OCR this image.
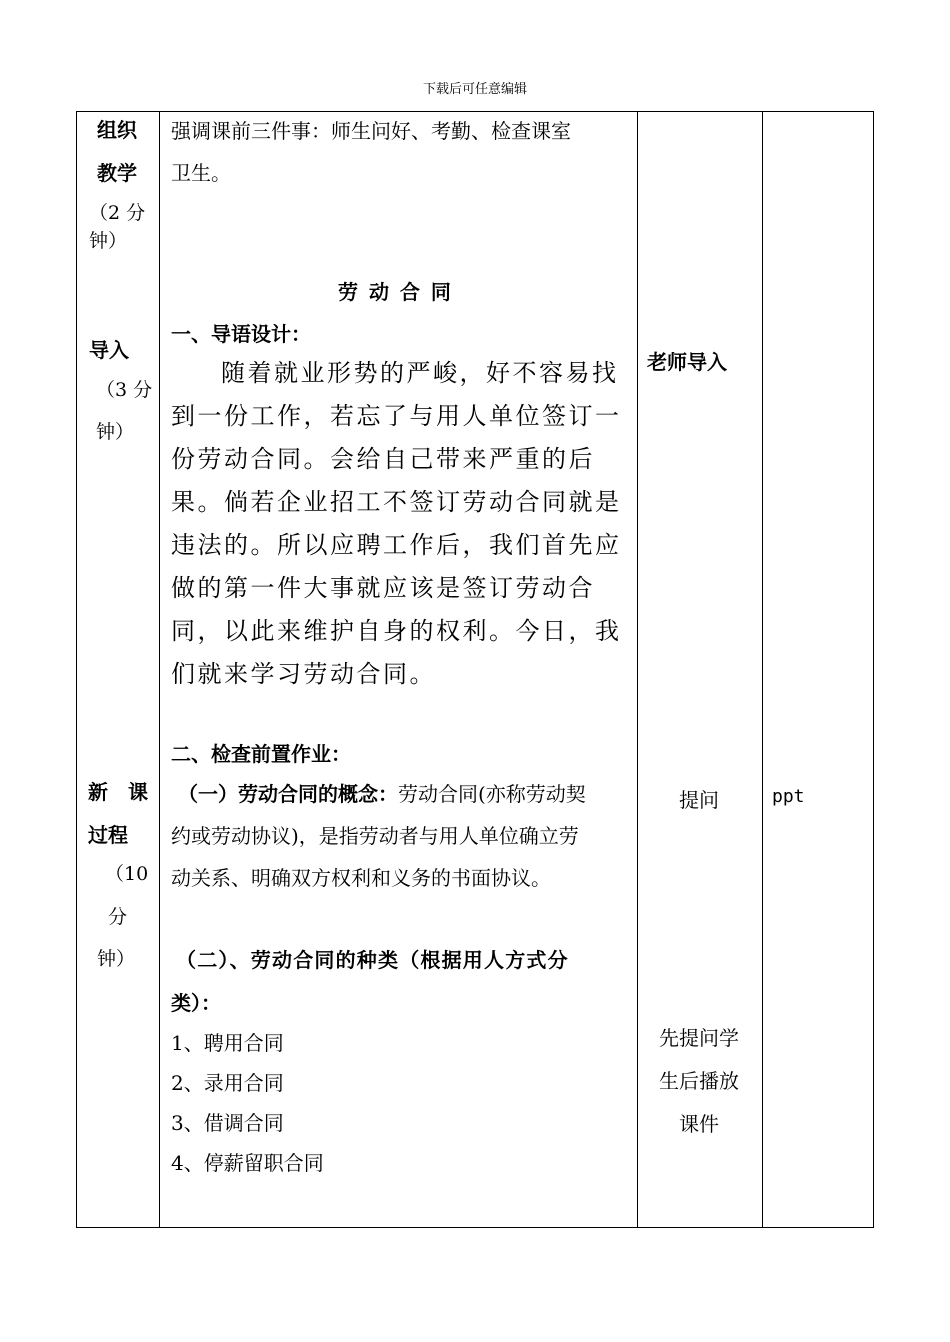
下载后可任意编辑
组织
教学
（2 分
钟）
导入
（3 分
钟）
新　课
过程
（10
分
钟）
强调课前三件事：师生问好、考勤、检查课室
卫生。
劳 动 合 同
一、导语设计：
随着就业形势的严峻，好不容易找
到一份工作，若忘了与用人单位签订一
份劳动合同。会给自己带来严重的后
果。倘若企业招工不签订劳动合同就是
违法的。所以应聘工作后，我们首先应
做的第一件大事就应该是签订劳动合
同，以此来维护自身的权利。今日，我
们就来学习劳动合同。
二、检查前置作业：
（一）劳动合同的概念：劳动合同(亦称劳动契
约或劳动协议)，是指劳动者与用人单位确立劳
动关系、明确双方权利和义务的书面协议。
（二）、劳动合同的种类（根据用人方式分
类）：
1、聘用合同
2、录用合同
3、借调合同
4、停薪留职合同
老师导入
提问
先提问学
生后播放
课件
ppt
